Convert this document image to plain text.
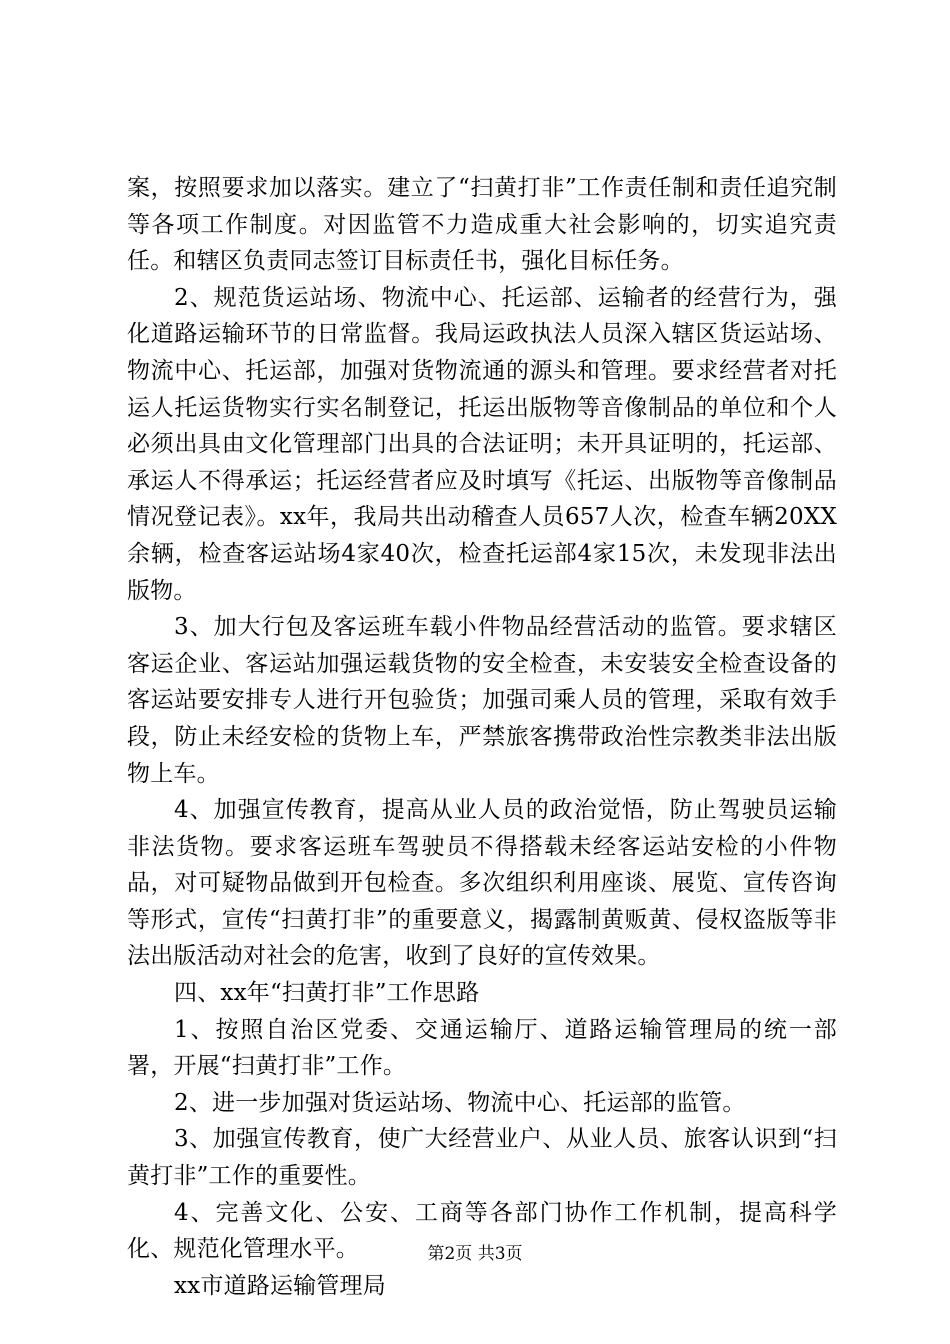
案，按照要求加以落实。建立了“扫黄打非”工作责任制和责任追究制等各项工作制度。对因监管不力造成重大社会影响的，切实追究责任。和辖区负责同志签订目标责任书，强化目标任务。

2、规范货运站场、物流中心、托运部、运输者的经营行为，强化道路运输环节的日常监督。我局运政执法人员深入辖区货运站场、物流中心、托运部，加强对货物流通的源头和管理。要求经营者对托运人托运货物实行实名制登记，托运出版物等音像制品的单位和个人必须出具由文化管理部门出具的合法证明；未开具证明的，托运部、承运人不得承运；托运经营者应及时填写《托运、出版物等音像制品情况登记表》。xx年，我局共出动稽查人员657人次，检查车辆20XX余辆，检查客运站场4家40次，检查托运部4家15次，未发现非法出版物。

3、加大行包及客运班车载小件物品经营活动的监管。要求辖区客运企业、客运站加强运载货物的安全检查，未安装安全检查设备的客运站要安排专人进行开包验货；加强司乘人员的管理，采取有效手段，防止未经安检的货物上车，严禁旅客携带政治性宗教类非法出版物上车。

4、加强宣传教育，提高从业人员的政治觉悟，防止驾驶员运输非法货物。要求客运班车驾驶员不得搭载未经客运站安检的小件物品，对可疑物品做到开包检查。多次组织利用座谈、展览、宣传咨询等形式，宣传“扫黄打非”的重要意义，揭露制黄贩黄、侵权盗版等非法出版活动对社会的危害，收到了良好的宣传效果。

四、xx年“扫黄打非”工作思路

1、按照自治区党委、交通运输厅、道路运输管理局的统一部署，开展“扫黄打非”工作。

2、进一步加强对货运站场、物流中心、托运部的监管。

3、加强宣传教育，使广大经营业户、从业人员、旅客认识到“扫黄打非”工作的重要性。

4、完善文化、公安、工商等各部门协作工作机制，提高科学化、规范化管理水平。

xx市道路运输管理局

第2页 共3页
